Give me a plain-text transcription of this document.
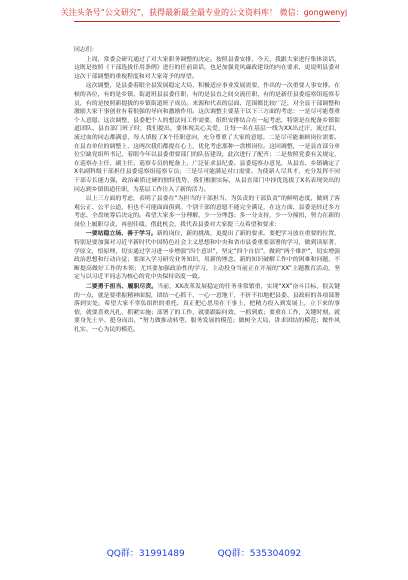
关注头条号“公文研究”，获得最新最全最专业的公文资料库！ 微信：gongwenyj

同志们：

上周，常委会研究通过了对大家职务调整的决定。按照县委安排，今天，我跟大家进行集体谈话，这既是按照《干部选拔任用条例》进行的任前谈话，也是加强党风廉政建设的内在要求，更说明县委对这次干部调整的重视程度和对大家寄予的厚望。

这次调整，是县委着眼全县发展稳定大局，积极适应事业发展需要，作出的一次重要人事安排。在候的各位，有的是乡镇、街道班县县委任职，有的是县直之间交流任职，有的是新任县委巡察组巡察专员，有的是按照新提拔的乡镇街道班子成员。来源和代表的层面、范围都比较广泛，对全县干部调整和激励大家干事创业有着很强的导向和激励作用。这次调整主要基于以下三方面的考虑：一是尽可能尊重个人意愿。这次调整，县委把个人的想法同工作需要，组织安排结合在一起考虑，特别是在配备乡镇街道团队、县直部门班子时，我们提出，要体现关心关爱，让每一名在基层一线为XX出过汗、流过泪、流过血的同志都满意，每人填报了X个任职意向，充分尊重了大家的意愿。二是尽可能兼顾岗位需要。在县直单位的调整上，这两次我们都提在心上，优化考虑那种一盘棋岗位。这回调整，一是县直部分单位空缺党组所书记，着眼今年以县委重要部门的队伍建设，此次进行了配齐；二是按照党委有关规定，在巡察办主任、副主任、巡察专员的配备上，广泛征求县纪委、县委巡察办意见，从县直、乡镇确定了X名副科级干部担任县委巡察组巡察专员；三是尽可能满足对口需要。为使新人尽其才，充分发挥不同干部专长能力强，政治素质过硬的独特优势，我们根据实际，从县直部门中择优选拔了X名表现突出的同志到乡镇街道任职，为基层工作注入了新的活力。

以上三方面的考虑，表明了县委在“为担当的干部担当、为负责的干部负责”的鲜明态度，做到了客观公正、公平公道，但也不可能面面俱到。个别干部的意愿不能完全满足，在这方面，县委是经过多方考虑、全盘统筹后决定的。希望大家多一分理解，少一分埋怨；多一分支持，少一分撞扭，努力在新的岗位上履职尽责，再创佳绩。借此机会，我代表县委对大家提三点希望和要求：

一要站稳立场、善于学习。新的岗位，新的挑战，更提出了新的要求。要把学习放在重要的位置，特别是要加强对习近平新时代中国特色社会主义思想和中央和省市县委重要部署的学习，做到读原著，学原文，悟原理，切实通过学习进一步增强“四个意识”，坚定“四个自信”，做到“两个维护”，切实增强政治思想和行动自觉；要深入学习研究业务知识，用新的理念、新的知识破解工作中的困难和问题，不断提高做好工作的本领；尤其要加强政治性的学习，主动投身当前正在开展的“XX”主题教育活动，坚定与以习近平同志为核心的党中央保持高度一致。

二要勇于担当、履职尽责。当前，XX改革发展稳定的任务非常繁重，实现“XX”奋斗目标，很关键的一点，就是要重振精神面貌，团结一心抓干，一心一意地干，不折不扣地把县委、县政府的各项部署落到实处。希望大家不辜负组织的重托，真正把心思用在干事上，把精力投入到发展上，立下来的事情，就要喜欢凡扎、抓紧实施；部署了的工作，就要跟踪问效、一抓到底；要重在工作，关键时刻，就要身先士卒、挺身而出，“努力做推动转型、服务发展的模范；做树全大局、讲求团结的模范；做作风扎实、一心为民的模范。

QQ群：31991489	QQ群：535304092
